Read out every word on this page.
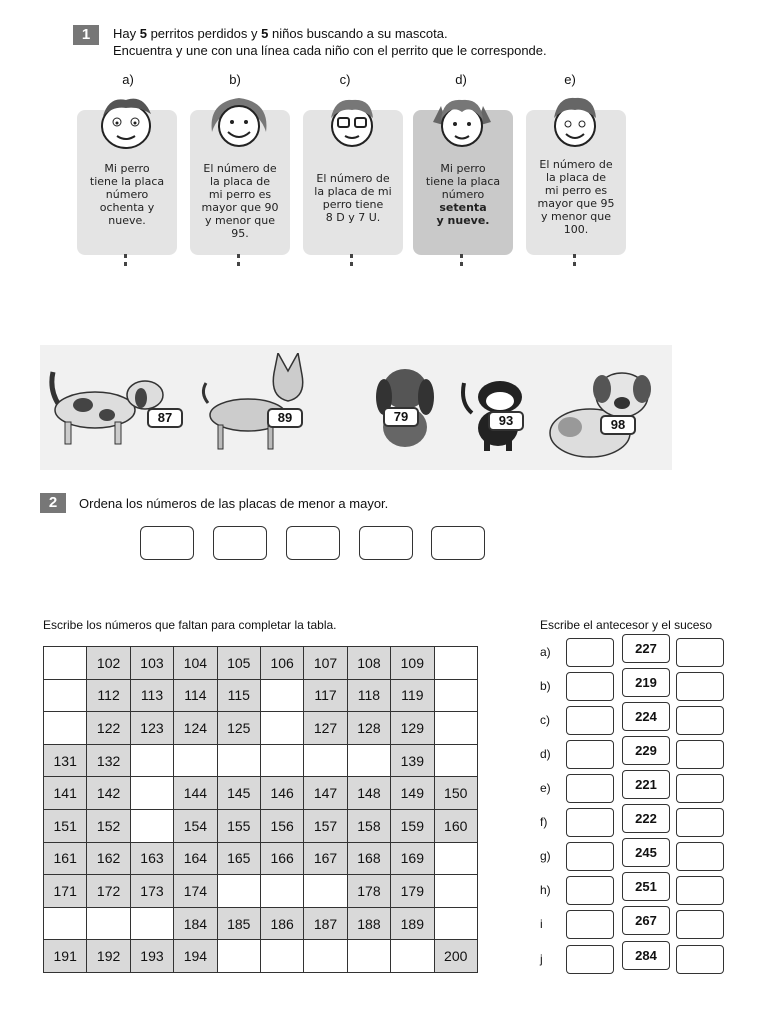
1	Hay 5 perritos perdidos y 5 niños buscando a su mascota.
Encuentra y une con una línea cada niño con el perrito que le corresponde.
a)	b)	c)	d)	e)
Mi perro
tiene la placa
número
ochenta y
nueve.
El número de
la placa de
mi perro es
mayor que 90
y menor que
95.
El número de
la placa de mi
perro tiene
8 D y 7 U.
Mi perro
tiene la placa
número
setenta
y nueve.
El número de
la placa de
mi perro es
mayor que 95
y menor que
100.
87	89	79	93	98
2	Ordena los números de las placas de menor a mayor.
Escribe los números que faltan para completar la tabla.
	102	103	104	105	106	107	108	109	
	112	113	114	115		117	118	119	
	122	123	124	125		127	128	129	
131	132							139	
141	142		144	145	146	147	148	149	150
151	152		154	155	156	157	158	159	160
161	162	163	164	165	166	167	168	169	
171	172	173	174				178	179	
			184	185	186	187	188	189	
191	192	193	194						200
Escribe el antecesor y el suceso
a)	227
b)	219
c)	224
d)	229
e)	221
f)	222
g)	245
h)	251
i	267
j	284
